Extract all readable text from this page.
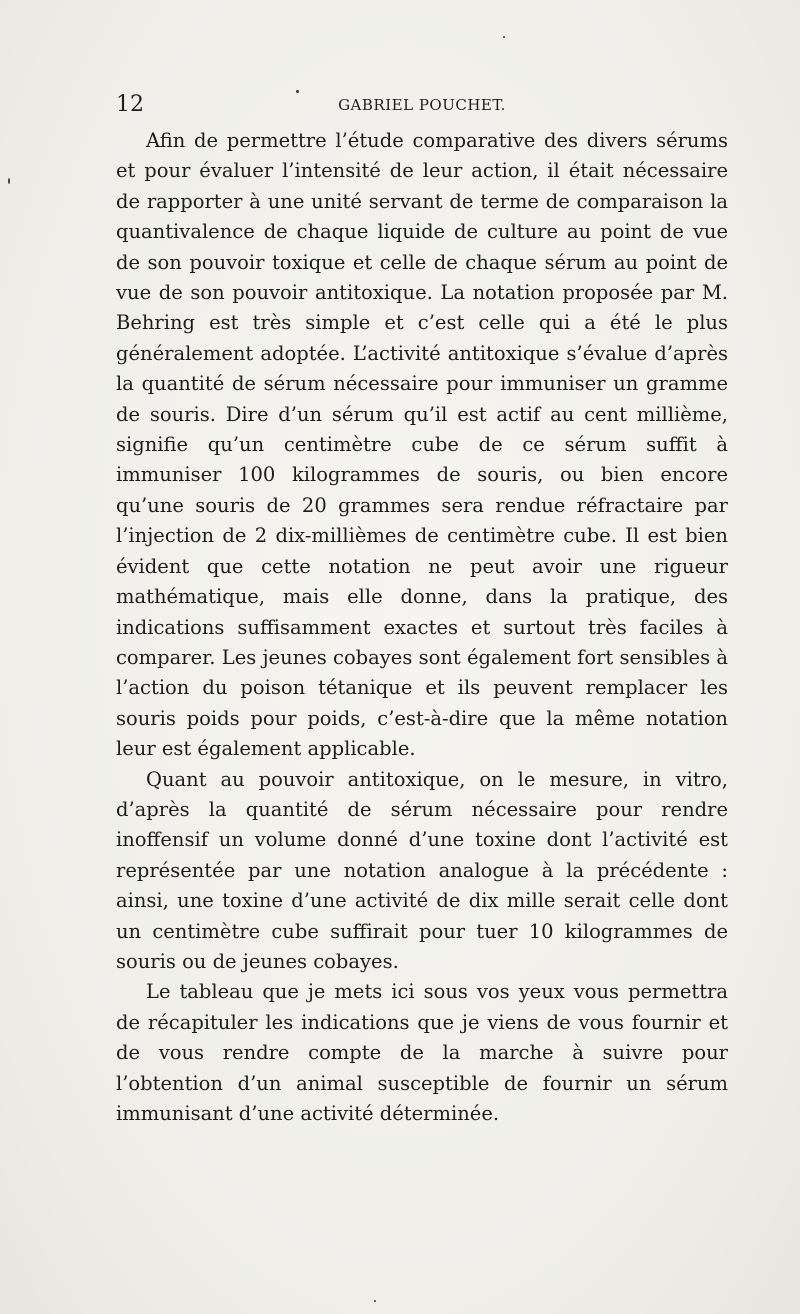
12	GABRIEL POUCHET.

Afin de permettre l’étude comparative des divers sérums et pour évaluer l’intensité de leur action, il était nécessaire de rapporter à une unité servant de terme de comparaison la quantivalence de chaque liquide de culture au point de vue de son pouvoir toxique et celle de chaque sérum au point de vue de son pouvoir antitoxique. La notation proposée par M. Behring est très simple et c’est celle qui a été le plus généralement adoptée. L’activité antitoxique s’évalue d’après la quantité de sérum nécessaire pour immuniser un gramme de souris. Dire d’un sérum qu’il est actif au cent millième, signifie qu’un centimètre cube de ce sérum suffit à immuniser 100 kilogrammes de souris, ou bien encore qu’une souris de 20 grammes sera rendue réfractaire par l’injection de 2 dix-millièmes de centimètre cube. Il est bien évident que cette notation ne peut avoir une rigueur mathématique, mais elle donne, dans la pratique, des indications suffisamment exactes et surtout très faciles à comparer. Les jeunes cobayes sont également fort sensibles à l’action du poison tétanique et ils peuvent remplacer les souris poids pour poids, c’est-à-dire que la même notation leur est également applicable.

Quant au pouvoir antitoxique, on le mesure, in vitro, d’après la quantité de sérum nécessaire pour rendre inoffensif un volume donné d’une toxine dont l’activité est représentée par une notation analogue à la précédente : ainsi, une toxine d’une activité de dix mille serait celle dont un centimètre cube suffirait pour tuer 10 kilogrammes de souris ou de jeunes cobayes.

Le tableau que je mets ici sous vos yeux vous permettra de récapituler les indications que je viens de vous fournir et de vous rendre compte de la marche à suivre pour l’obtention d’un animal susceptible de fournir un sérum immunisant d’une activité déterminée.
